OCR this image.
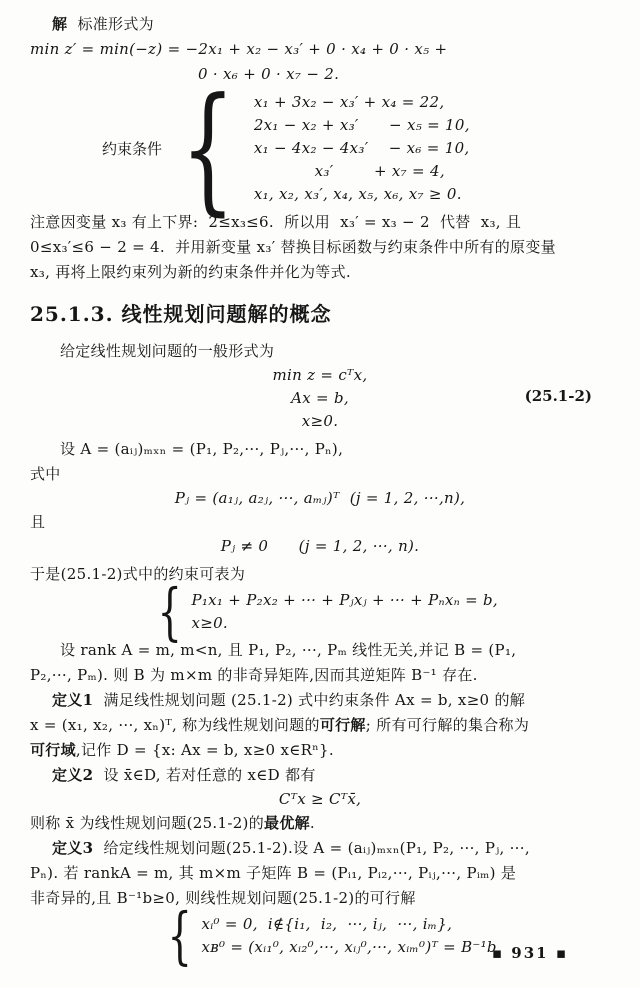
解  标准形式为
min z′ = min(−z) = −2x₁ + x₂ − x₃′ + 0 · x₄ + 0 · x₅ +
0 · x₆ + 0 · x₇ − 2.
约束条件 { x₁ + 3x₂ − x₃′ + x₄ = 22,
2x₁ − x₂ + x₃′      − x₅ = 10,
x₁ − 4x₂ − 4x₃′    − x₆ = 10,
x₃′        + x₇ = 4,
x₁, x₂, x₃′, x₄, x₅, x₆, x₇ ≥ 0.
注意因变量 x₃ 有上下界:  2≤x₃≤6.  所以用  x₃′ = x₃ − 2  代替  x₃, 且
0≤x₃′≤6 − 2 = 4.  并用新变量 x₃′ 替换目标函数与约束条件中所有的原变量
x₃, 再将上限约束列为新的约束条件并化为等式.
25.1.3. 线性规划问题解的概念
给定线性规划问题的一般形式为
min z = cᵀx,
Ax = b,	(25.1-2)
x≥0.
设 A = (aᵢⱼ)ₘₓₙ = (P₁, P₂,···, Pⱼ,···, Pₙ),
式中
Pⱼ = (a₁ⱼ, a₂ⱼ, ···, aₘⱼ)ᵀ  (j = 1, 2, ···,n),
且
Pⱼ ≠ 0      (j = 1, 2, ···, n).
于是(25.1-2)式中的约束可表为
{ P₁x₁ + P₂x₂ + ··· + Pⱼxⱼ + ··· + Pₙxₙ = b,
x≥0.
设 rank A = m, m<n, 且 P₁, P₂, ···, Pₘ 线性无关,并记 B = (P₁,
P₂,···, Pₘ). 则 B 为 m×m 的非奇异矩阵,因而其逆矩阵 B⁻¹ 存在.
定义1  满足线性规划问题 (25.1-2) 式中约束条件 Ax = b, x≥0 的解
x = (x₁, x₂, ···, xₙ)ᵀ, 称为线性规划问题的可行解; 所有可行解的集合称为
可行域,记作 D = {x: Ax = b, x≥0 x∈Rⁿ}.
定义2  设 x̄∈D, 若对任意的 x∈D 都有
Cᵀx ≥ Cᵀx̄,
则称 x̄ 为线性规划问题(25.1-2)的最优解.
定义3  给定线性规划问题(25.1-2).设 A = (aᵢⱼ)ₘₓₙ(P₁, P₂, ···, Pⱼ, ···,
Pₙ). 若 rankA = m, 其 m×m 子矩阵 B = (Pᵢ₁, Pᵢ₂,···, Pᵢⱼ,···, Pᵢₘ) 是
非奇异的,且 B⁻¹b≥0, 则线性规划问题(25.1-2)的可行解
{ xᵢ⁰ = 0,  i∉{i₁,  i₂,  ···, iⱼ,  ···, iₘ},
xʙ⁰ = (xᵢ₁⁰, xᵢ₂⁰,···, xᵢⱼ⁰,···, xᵢₘ⁰)ᵀ = B⁻¹b
▪ 931 ▪
